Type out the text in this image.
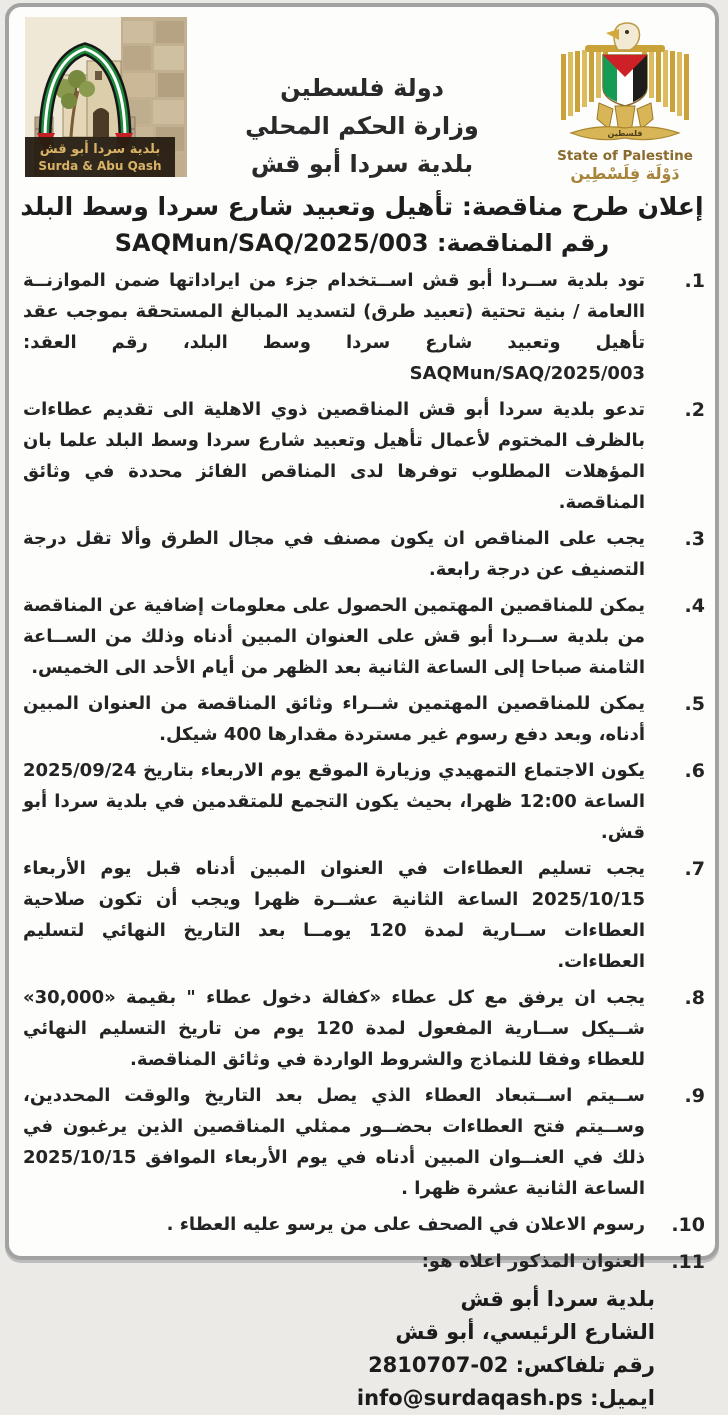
بلدية سردا أبو قش
Surda & Abu Qash
فلسطين
State of Palestine
دَوْلَة فِلَسْطِين
دولة فلسطين
وزارة الحكم المحلي
بلدية سردا أبو قش
إعلان طرح مناقصة: تأهيل وتعبيد شارع سردا وسط البلد
رقم المناقصة: SAQMun/SAQ/2025/003
.1
تود بلدية ســردا أبو قش اســتخدام جزء من ايراداتها ضمن الموازنــة االعامة / بنية تحتية (تعبيد طرق) لتسديد المبالغ المستحقة بموجب عقد تأهيل وتعبيد شارع سردا وسط البلد، رقم العقد: SAQMun/SAQ/2025/003
.2
تدعو بلدية سردا أبو قش المناقصين ذوي الاهلية الى تقديم عطاءات بالظرف المختوم لأعمال تأهيل وتعبيد شارع سردا وسط البلد علما بان المؤهلات المطلوب توفرها لدى المناقص الفائز محددة في وثائق المناقصة.
.3
يجب على المناقص ان يكون مصنف في مجال الطرق وألا تقل درجة التصنيف عن درجة رابعة.
.4
يمكن للمناقصين المهتمين الحصول على معلومات إضافية عن المناقصة من بلدية ســردا أبو قش على العنوان المبين أدناه وذلك من الســاعة الثامنة صباحا إلى الساعة الثانية بعد الظهر من أيام الأحد الى الخميس.
.5
يمكن للمناقصين المهتمين شــراء وثائق المناقصة من العنوان المبين أدناه، وبعد دفع رسوم غير مستردة مقدارها 400 شيكل.
.6
يكون الاجتماع التمهيدي وزيارة الموقع يوم الاربعاء بتاريخ 2025/09/24 الساعة 12:00 ظهرا، بحيث يكون التجمع للمتقدمين في بلدية سردا أبو قش.
.7
يجب تسليم العطاءات في العنوان المبين أدناه قبل يوم الأربعاء 2025/10/15 الساعة الثانية عشــرة ظهرا ويجب أن تكون صلاحية العطاءات ســارية لمدة 120 يومــا بعد التاريخ النهائي لتسليم العطاءات.
.8
يجب ان يرفق مع كل عطاء «كفالة دخول عطاء " بقيمة «30,000» شــيكل ســارية المفعول لمدة 120 يوم من تاريخ التسليم النهائي للعطاء وفقا للنماذج والشروط الواردة في وثائق المناقصة.
.9
ســيتم اســتبعاد العطاء الذي يصل بعد التاريخ والوقت المحددين، وســيتم فتح العطاءات بحضــور ممثلي المناقصين الذين يرغبون في ذلك في العنــوان المبين أدناه في يوم الأربعاء الموافق 2025/10/15 الساعة الثانية عشرة ظهرا .
.10
رسوم الاعلان في الصحف على من يرسو عليه العطاء .
.11
العنوان المذكور اعلاه هو:
بلدية سردا أبو قش
الشارع الرئيسي، أبو قش
رقم تلفاكس: 02-2810707
ايميل: info@surdaqash.ps
